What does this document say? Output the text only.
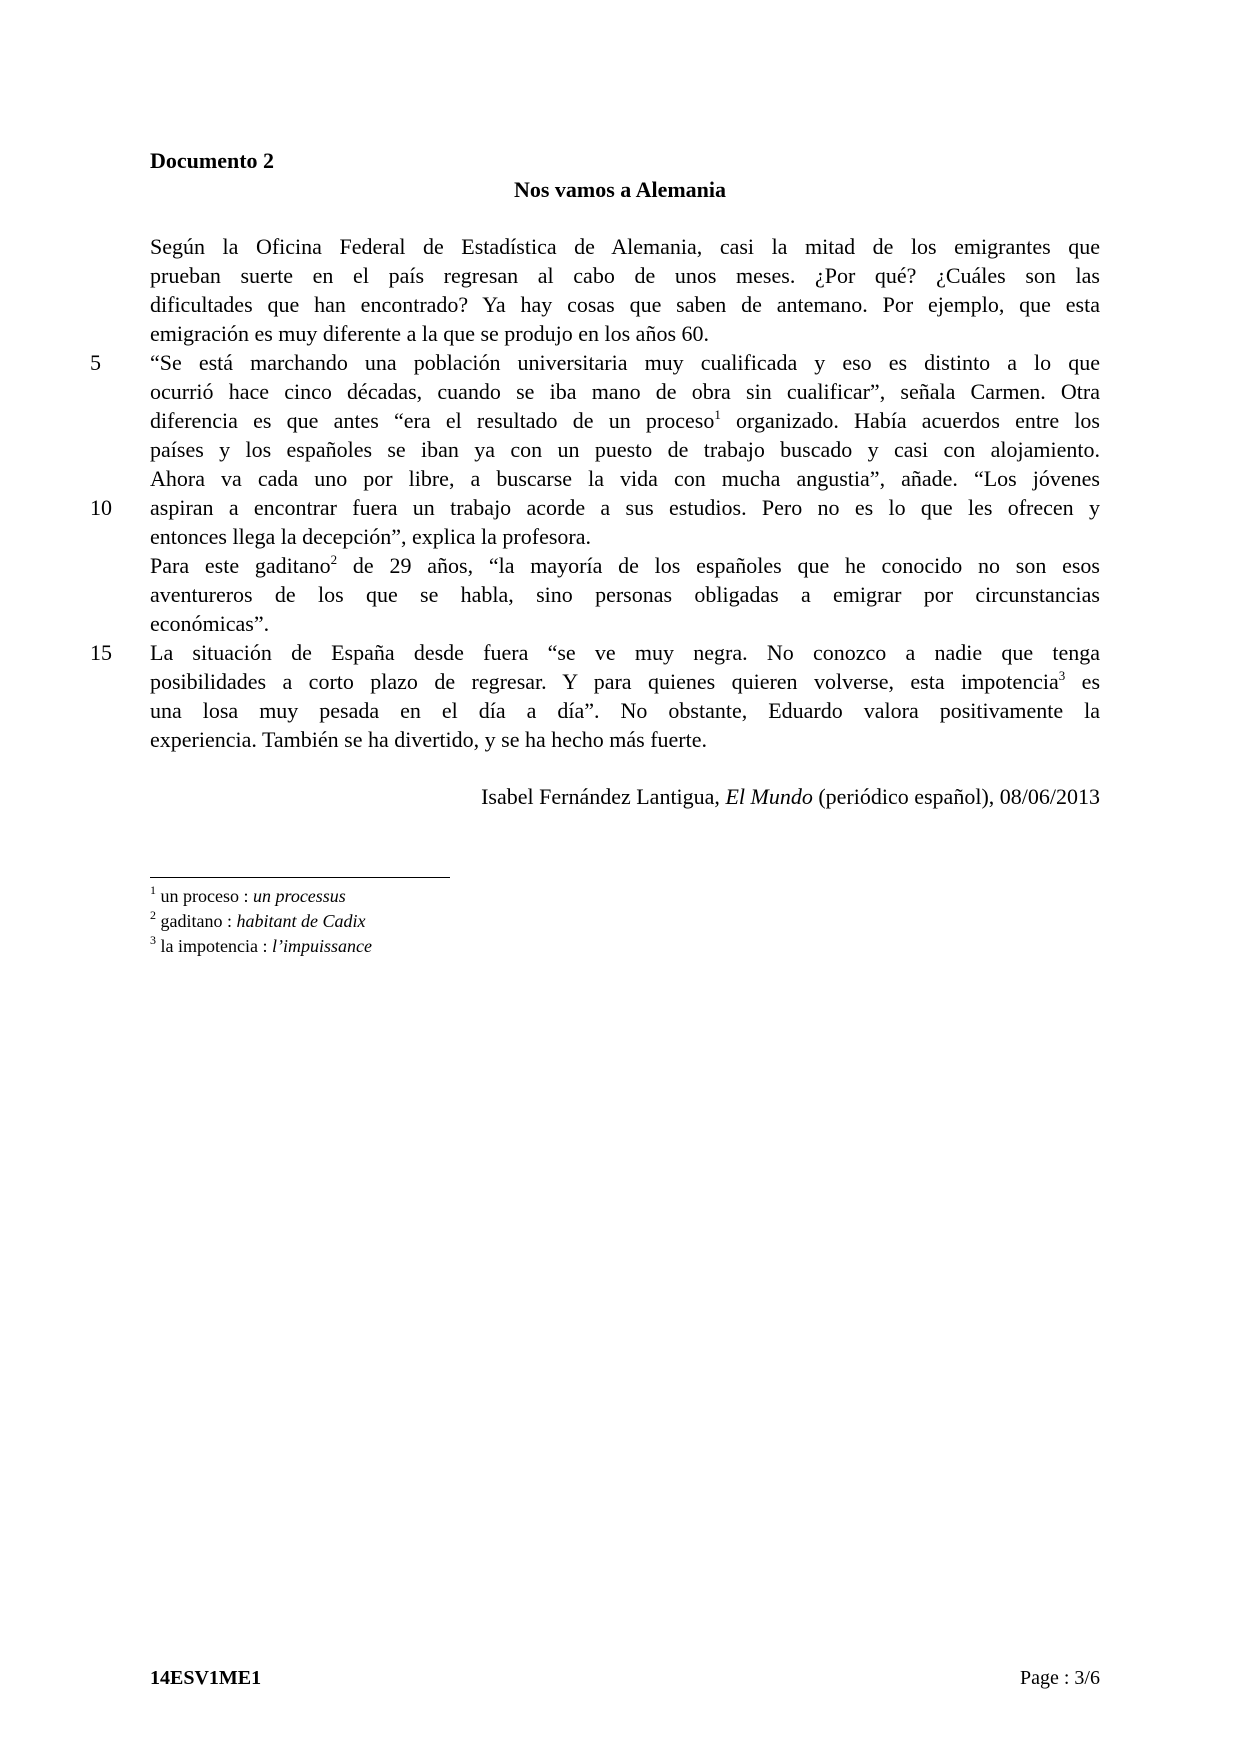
Documento 2
Nos vamos a Alemania
Según la Oficina Federal de Estadística de Alemania, casi la mitad de los emigrantes que
prueban suerte en el país regresan al cabo de unos meses. ¿Por qué? ¿Cuáles son las
dificultades que han encontrado? Ya hay cosas que saben de antemano. Por ejemplo, que esta
emigración es muy diferente a la que se produjo en los años 60.
5	“Se está marchando una población universitaria muy cualificada y eso es distinto a lo que
ocurrió hace cinco décadas, cuando se iba mano de obra sin cualificar”, señala Carmen. Otra
diferencia es que antes “era el resultado de un proceso$^1$ organizado. Había acuerdos entre los
países y los españoles se iban ya con un puesto de trabajo buscado y casi con alojamiento.
Ahora va cada uno por libre, a buscarse la vida con mucha angustia”, añade. “Los jóvenes
10	aspiran a encontrar fuera un trabajo acorde a sus estudios. Pero no es lo que les ofrecen y
entonces llega la decepción”, explica la profesora.
Para este gaditano$^2$ de 29 años, “la mayoría de los españoles que he conocido no son esos
aventureros de los que se habla, sino personas obligadas a emigrar por circunstancias
económicas”.
15	La situación de España desde fuera “se ve muy negra. No conozco a nadie que tenga
posibilidades a corto plazo de regresar. Y para quienes quieren volverse, esta impotencia$^3$ es
una losa muy pesada en el día a día”. No obstante, Eduardo valora positivamente la
experiencia. También se ha divertido, y se ha hecho más fuerte.
Isabel Fernández Lantigua, El Mundo (periódico español), 08/06/2013
$^1$ un proceso : un processus
$^2$ gaditano : habitant de Cadix
$^3$ la impotencia : l’impuissance
14ESV1ME1	Page : 3/6
